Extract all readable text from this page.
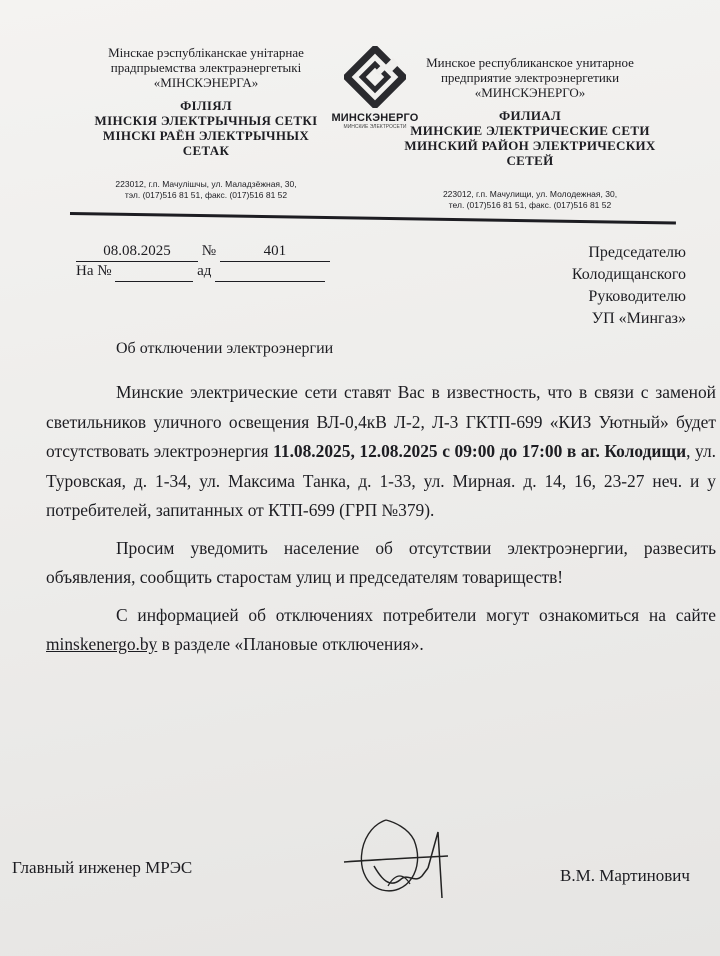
Мінскае рэспубліканскае унітарнае
прадпрыемства электраэнергетыкі
«МІНСКЭНЕРГА»
ФІЛІЯЛ
МІНСКІЯ ЭЛЕКТРЫЧНЫЯ СЕТКІ
МІНСКІ РАЁН ЭЛЕКТРЫЧНЫХ
СЕТАК
223012, г.п. Мачулішчы, ул. Маладзёжная, 30,
тэл. (017)516 81 51, факс. (017)516 81 52
МИНСКЭНЕРГО
МИНСКИЕ ЭЛЕКТРОСЕТИ
Минское республиканское унитарное
предприятие электроэнергетики
«МИНСКЭНЕРГО»
ФИЛИАЛ
МИНСКИЕ ЭЛЕКТРИЧЕСКИЕ СЕТИ
МИНСКИЙ РАЙОН ЭЛЕКТРИЧЕСКИХ
СЕТЕЙ
223012, г.п. Мачулищи, ул. Молодежная, 30,
тел. (017)516 81 51, факс. (017)516 81 52
08.08.2025 №	401
На №	ад
Председателю
Колодищанского
Руководителю
УП «Мингаз»
Об отключении электроэнергии

Минские электрические сети ставят Вас в известность, что в связи с заменой светильников уличного освещения ВЛ-0,4кВ Л-2, Л-3 ГКТП-699 «КИЗ Уютный» будет отсутствовать электроэнергия 11.08.2025, 12.08.2025 с 09:00 до 17:00 в аг. Колодищи, ул. Туровская, д. 1-34, ул. Максима Танка, д. 1-33, ул. Мирная. д. 14, 16, 23-27 неч. и у потребителей, запитанных от КТП-699 (ГРП №379).

Просим уведомить население об отсутствии электроэнергии, развесить объявления, сообщить старостам улиц и председателям товариществ!

С информацией об отключениях потребители могут ознакомиться на сайте minskenergo.by в разделе «Плановые отключения».

Главный инженер МРЭС	В.М. Мартинович
